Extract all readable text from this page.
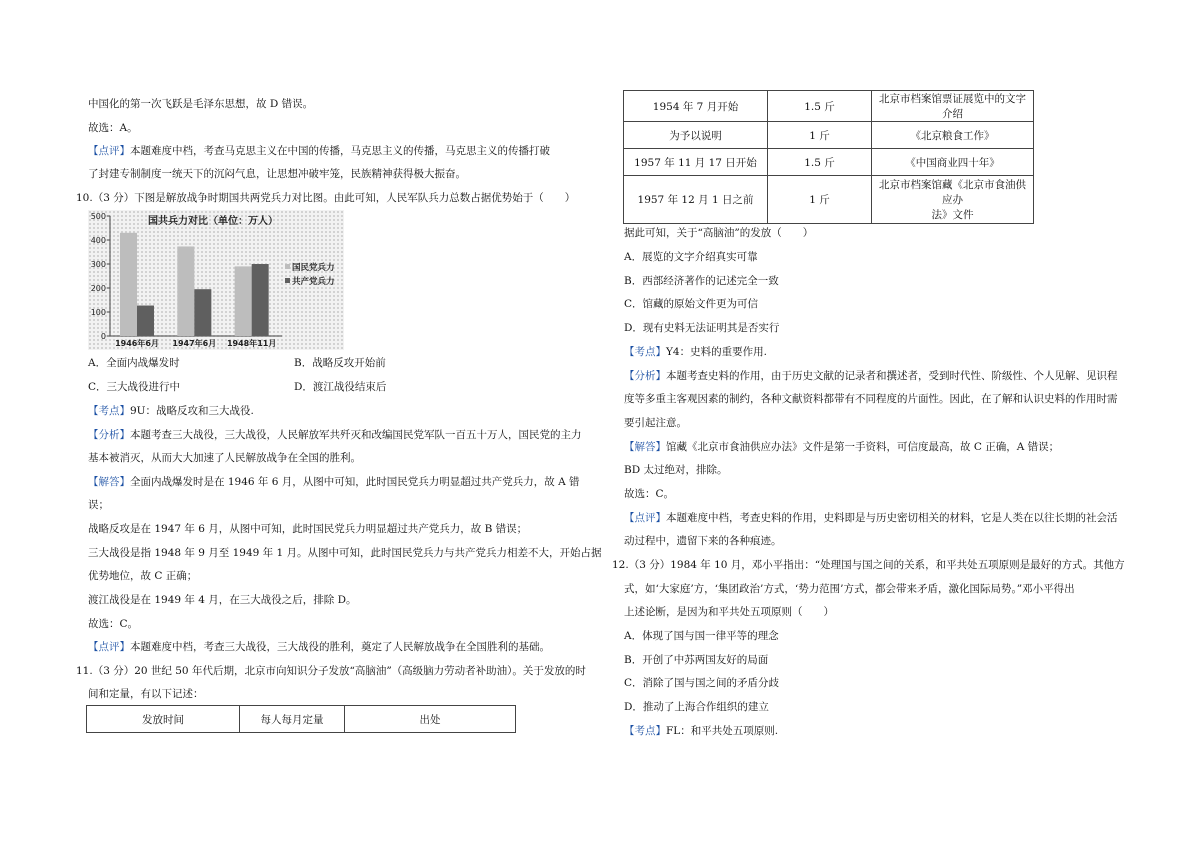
中国化的第一次飞跃是毛泽东思想，故 D 错误。
故选：A。
【点评】本题难度中档，考查马克思主义在中国的传播，马克思主义的传播，马克思主义的传播打破
了封建专制制度一统天下的沉闷气息，让思想冲破牢笼，民族精神获得极大振奋。
10.（3 分）下图是解放战争时期国共两党兵力对比图。由此可知，人民军队兵力总数占据优势始于（　　）
国共兵力对比（单位：万人）
0
100
200
300
400
500
1946年6月 1947年6月 1948年11月
国民党兵力
共产党兵力
A．全面内战爆发时	B．战略反攻开始前
C．三大战役进行中	D．渡江战役结束后
【考点】9U：战略反攻和三大战役.
【分析】本题考查三大战役，三大战役，人民解放军共歼灭和改编国民党军队一百五十万人，国民党的主力
基本被消灭，从而大大加速了人民解放战争在全国的胜利。
【解答】全面内战爆发时是在 1946 年 6 月，从图中可知，此时国民党兵力明显超过共产党兵力，故 A 错
误；
战略反攻是在 1947 年 6 月，从图中可知，此时国民党兵力明显超过共产党兵力，故 B 错误；
三大战役是指 1948 年 9 月至 1949 年 1 月。从图中可知，此时国民党兵力与共产党兵力相差不大，开始占据
优势地位，故 C 正确；
渡江战役是在 1949 年 4 月，在三大战役之后，排除 D。
故选：C。
【点评】本题难度中档，考查三大战役，三大战役的胜利，奠定了人民解放战争在全国胜利的基础。
11.（3 分）20 世纪 50 年代后期，北京市向知识分子发放“高脑油”（高级脑力劳动者补助油）。关于发放的时
间和定量，有以下记述：
发放时间	每人每月定量	出处
1954 年 7 月开始	1.5 斤	北京市档案馆票证展览中的文字介绍
为予以说明	1 斤	《北京粮食工作》
1957 年 11 月 17 日开始	1.5 斤	《中国商业四十年》
1957 年 12 月 1 日之前	1 斤	北京市档案馆藏《北京市食油供应办
法》文件
据此可知，关于“高脑油”的发放（　　）
A．展览的文字介绍真实可靠
B．西部经济著作的记述完全一致
C．馆藏的原始文件更为可信
D．现有史料无法证明其是否实行
【考点】Y4：史料的重要作用.
【分析】本题考查史料的作用，由于历史文献的记录者和撰述者，受到时代性、阶级性、个人见解、见识程
度等多重主客观因素的制约，各种文献资料都带有不同程度的片面性。因此，在了解和认识史料的作用时需
要引起注意。
【解答】馆藏《北京市食油供应办法》文件是第一手资料，可信度最高，故 C 正确，A 错误；
BD 太过绝对，排除。
故选：C。
【点评】本题难度中档，考查史料的作用，史料即是与历史密切相关的材料，它是人类在以往长期的社会活
动过程中，遗留下来的各种痕迹。
12.（3 分）1984 年 10 月，邓小平指出：“处理国与国之间的关系，和平共处五项原则是最好的方式。其他方
式，如‘大家庭’方，‘集团政治’方式，‘势力范围’方式，都会带来矛盾，激化国际局势。”邓小平得出
上述论断，是因为和平共处五项原则（　　）
A．体现了国与国一律平等的理念
B．开创了中苏两国友好的局面
C．消除了国与国之间的矛盾分歧
D．推动了上海合作组织的建立
【考点】FL：和平共处五项原则.
